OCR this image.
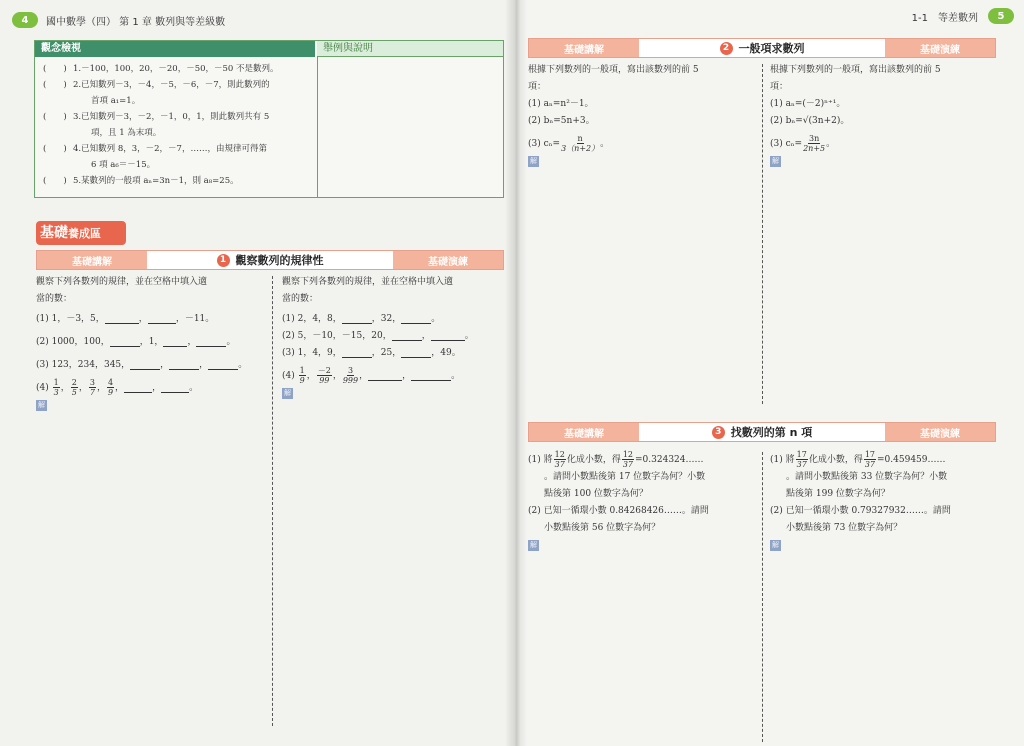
4	國中數學（四） 第 1 章 數列與等差級數
觀念檢視	舉例與說明
(　　) 1.－100，100，20，－20，－50，－50 不是數列。
(　　) 2.已知數列－3，－4，－5，－6，－7，則此數列的
首項 a₁=1。
(　　) 3.已知數列－3，－2，－1，0，1，則此數列共有 5
項，且 1 為末項。
(　　) 4.已知數列 8，3，－2，－7，……，由規律可得第
6 項 a₆＝－15。
(　　) 5.某數列的一般項 aₙ=3n－1，則 a₈=25。
基礎養成區
基礎講解	1 觀察數列的規律性	基礎演練
觀察下列各數列的規律，並在空格中填入適
當的數：
(1) 1，－3，5，	，	，－11。
(2) 1000，100，	，1，	，	。
(3) 123，234，345，	，	，	。
$(4) \frac{1}{3}$ ， $\frac{2}{5}$ ， $\frac{3}{7}$ ， $\frac{4}{9}$ ，	，	。
解
觀察下列各數列的規律，並在空格中填入適
當的數：
(1) 2，4，8，	，32，	。
(2) 5，－10，－15，20，	，	。
(3) 1，4，9，	，25，	，49。
$(4) \frac{1}{9}$ ， $\frac{-2}{99}$ ， $\frac{3}{999}$ ，	，	。
解
1-1　等差數列	5
基礎講解	2 一般項求數列	基礎演練
根據下列數列的一般項，寫出該數列的前 5
項：
(1) aₙ=n²－1。
(2) bₙ=5n+3。
(3) $c_n= \frac{n}{3(n+2)}$ 。
解
根據下列數列的一般項，寫出該數列的前 5
項：
(1) aₙ=(－2)ⁿ⁺¹。
(2) bₙ=√(3n+2)。
(3) $c_n= \frac{3n}{2n+5}$ 。
解
基礎講解	3 找數列的第 n 項	基礎演練
(1) 將 $\frac{12}{37}$ 化成小數，得 $\frac{12}{37}$ =0.324324……
。請問小數點後第 17 位數字為何？小數
點後第 100 位數字為何？
(2) 已知一循環小數 0.84268426……。請問
小數點後第 56 位數字為何？
解
(1) 將 $\frac{17}{37}$ 化成小數，得 $\frac{17}{37}$ =0.459459……
。請問小數點後第 33 位數字為何？小數
點後第 199 位數字為何？
(2) 已知一循環小數 0.79327932……。請問
小數點後第 73 位數字為何？
解
